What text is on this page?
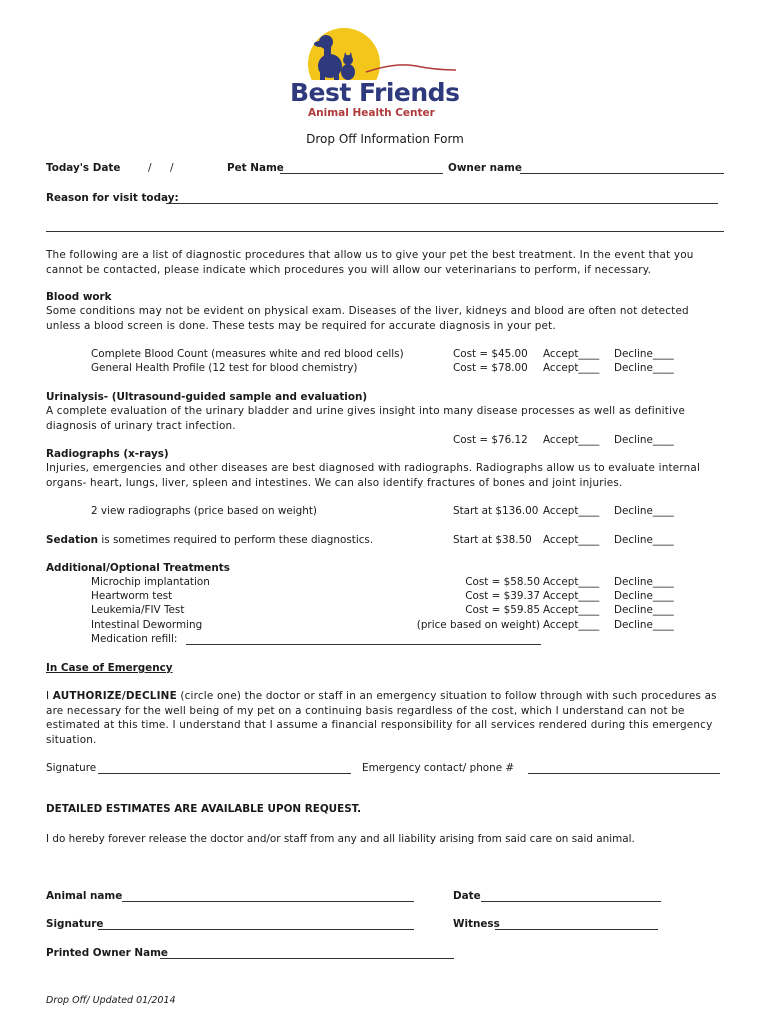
Best Friends
Animal Health Center
Drop Off Information Form
Today's Date	/ /	Pet Name	Owner name
Reason for visit today:
The following are a list of diagnostic procedures that allow us to give your pet the best treatment. In the event that you cannot be contacted, please indicate which procedures you will allow our veterinarians to perform, if necessary.
Blood work
Some conditions may not be evident on physical exam. Diseases of the liver, kidneys and blood are often not detected unless a blood screen is done. These tests may be required for accurate diagnosis in your pet.
Complete Blood Count (measures white and red blood cells)	Cost = $45.00 Accept____ Decline____
General Health Profile (12 test for blood chemistry)	Cost = $78.00 Accept____ Decline____
Urinalysis- (Ultrasound-guided sample and evaluation)
A complete evaluation of the urinary bladder and urine gives insight into many disease processes as well as definitive diagnosis of urinary tract infection.
Cost = $76.12 Accept____ Decline____
Radiographs (x-rays)
Injuries, emergencies and other diseases are best diagnosed with radiographs. Radiographs allow us to evaluate internal organs- heart, lungs, liver, spleen and intestines. We can also identify fractures of bones and joint injuries.
2 view radiographs (price based on weight)	Start at $136.00 Accept____ Decline____
Sedation is sometimes required to perform these diagnostics.	Start at $38.50 Accept____ Decline____
Additional/Optional Treatments
Microchip implantation	Cost = $58.50 Accept____ Decline____
Heartworm test	Cost = $39.37 Accept____ Decline____
Leukemia/FIV Test	Cost = $59.85 Accept____ Decline____
Intestinal Deworming	(price based on weight) Accept____ Decline____
Medication refill:
In Case of Emergency
I AUTHORIZE/DECLINE (circle one) the doctor or staff in an emergency situation to follow through with such procedures as are necessary for the well being of my pet on a continuing basis regardless of the cost, which I understand can not be estimated at this time. I understand that I assume a financial responsibility for all services rendered during this emergency situation.
Signature	Emergency contact/ phone #
DETAILED ESTIMATES ARE AVAILABLE UPON REQUEST.
I do hereby forever release the doctor and/or staff from any and all liability arising from said care on said animal.
Animal name	Date
Signature	Witness
Printed Owner Name
Drop Off/ Updated 01/2014
